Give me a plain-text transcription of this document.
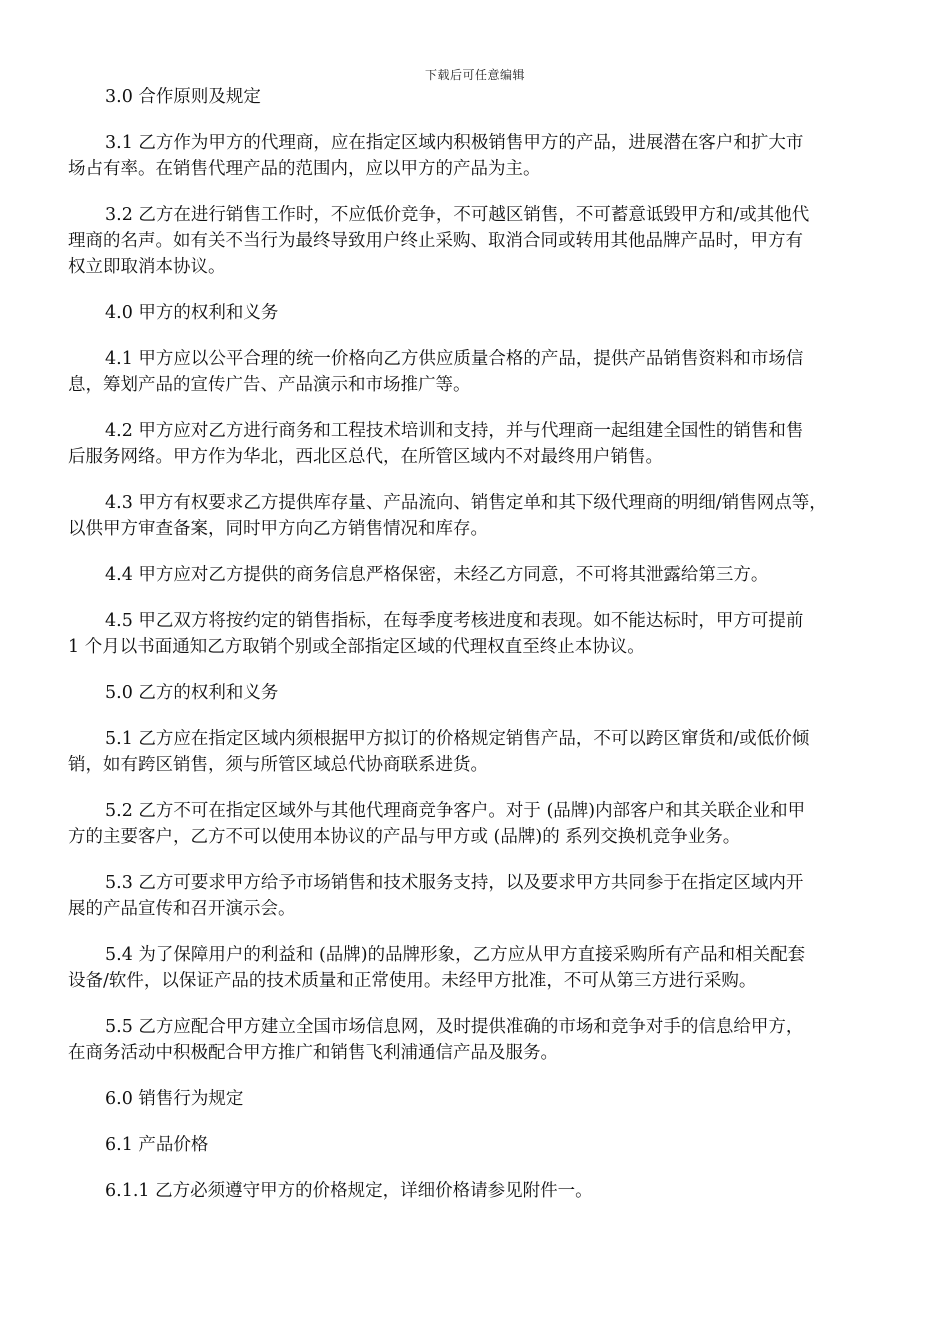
下载后可任意编辑
3.0 合作原则及规定
3.1 乙方作为甲方的代理商，应在指定区域内积极销售甲方的产品，进展潜在客户和扩大市
场占有率。在销售代理产品的范围内，应以甲方的产品为主。
3.2 乙方在进行销售工作时，不应低价竞争，不可越区销售，不可蓄意诋毁甲方和/或其他代
理商的名声。如有关不当行为最终导致用户终止采购、取消合同或转用其他品牌产品时，甲方有
权立即取消本协议。
4.0 甲方的权利和义务
4.1 甲方应以公平合理的统一价格向乙方供应质量合格的产品，提供产品销售资料和市场信
息，筹划产品的宣传广告、产品演示和市场推广等。
4.2 甲方应对乙方进行商务和工程技术培训和支持，并与代理商一起组建全国性的销售和售
后服务网络。甲方作为华北，西北区总代，在所管区域内不对最终用户销售。
4.3 甲方有权要求乙方提供库存量、产品流向、销售定单和其下级代理商的明细/销售网点等，
以供甲方审查备案，同时甲方向乙方销售情况和库存。
4.4 甲方应对乙方提供的商务信息严格保密，未经乙方同意，不可将其泄露给第三方。
4.5 甲乙双方将按约定的销售指标，在每季度考核进度和表现。如不能达标时，甲方可提前
1 个月以书面通知乙方取销个别或全部指定区域的代理权直至终止本协议。
5.0 乙方的权利和义务
5.1 乙方应在指定区域内须根据甲方拟订的价格规定销售产品，不可以跨区窜货和/或低价倾
销，如有跨区销售，须与所管区域总代协商联系进货。
5.2 乙方不可在指定区域外与其他代理商竞争客户。对于 (品牌)内部客户和其关联企业和甲
方的主要客户，乙方不可以使用本协议的产品与甲方或 (品牌)的 系列交换机竞争业务。
5.3 乙方可要求甲方给予市场销售和技术服务支持，以及要求甲方共同参于在指定区域内开
展的产品宣传和召开演示会。
5.4 为了保障用户的利益和 (品牌)的品牌形象，乙方应从甲方直接采购所有产品和相关配套
设备/软件，以保证产品的技术质量和正常使用。未经甲方批准，不可从第三方进行采购。
5.5 乙方应配合甲方建立全国市场信息网，及时提供准确的市场和竞争对手的信息给甲方，
在商务活动中积极配合甲方推广和销售飞利浦通信产品及服务。
6.0 销售行为规定
6.1 产品价格
6.1.1 乙方必须遵守甲方的价格规定，详细价格请参见附件一。
